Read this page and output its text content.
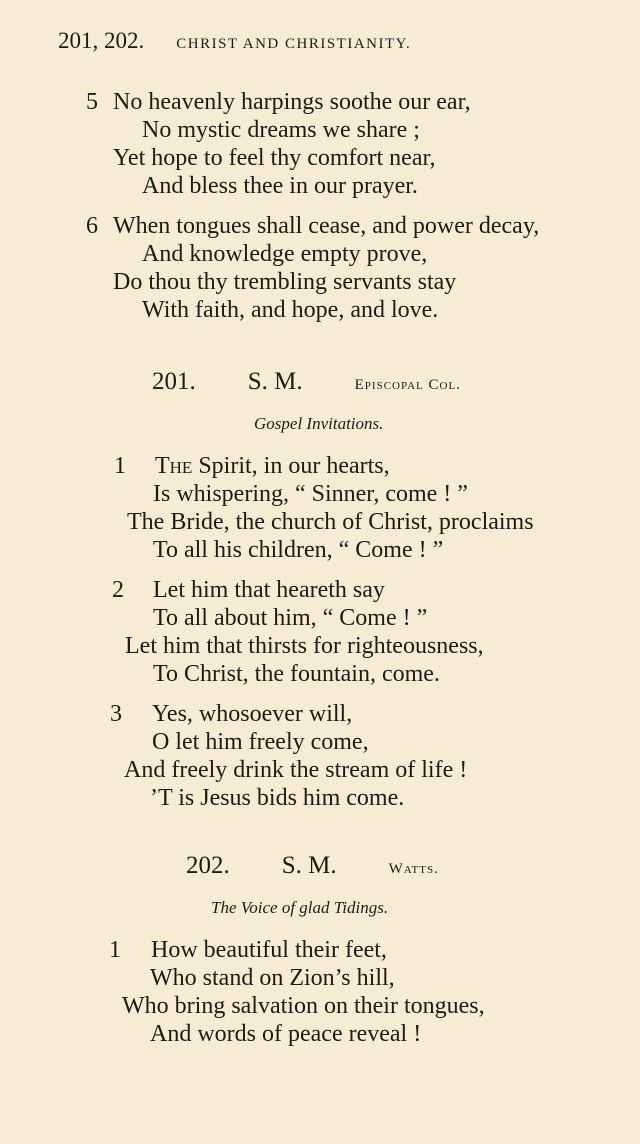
201, 202. CHRIST AND CHRISTIANITY.
5 No heavenly harpings soothe our ear,
No mystic dreams we share ;
Yet hope to feel thy comfort near,
And bless thee in our prayer.
6 When tongues shall cease, and power decay,
And knowledge empty prove,
Do thou thy trembling servants stay
With faith, and hope, and love.
201. S. M.	Episcopal Col.
Gospel Invitations.
1 The Spirit, in our hearts,
Is whispering, “ Sinner, come ! ”
The Bride, the church of Christ, proclaims
To all his children, “ Come ! ”
2 Let him that heareth say
To all about him, “ Come ! ”
Let him that thirsts for righteousness,
To Christ, the fountain, come.
3 Yes, whosoever will,
O let him freely come,
And freely drink the stream of life !
’T is Jesus bids him come.
202. S. M.	Watts.
The Voice of glad Tidings.
1 How beautiful their feet,
Who stand on Zion’s hill,
Who bring salvation on their tongues,
And words of peace reveal !
